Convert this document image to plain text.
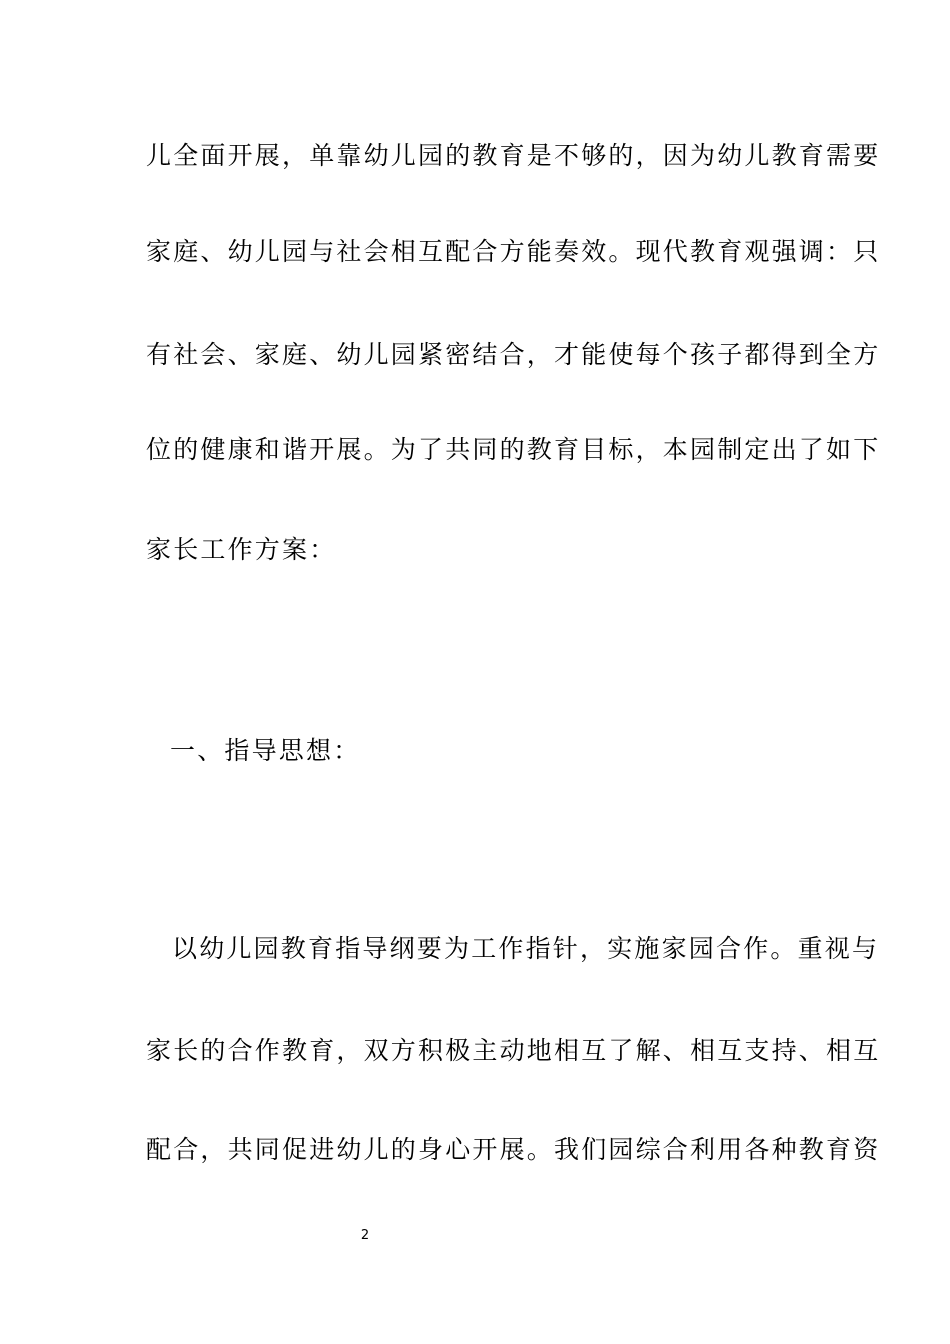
儿全面开展，单靠幼儿园的教育是不够的，因为幼儿教育需要
家庭、幼儿园与社会相互配合方能奏效。现代教育观强调：只
有社会、家庭、幼儿园紧密结合，才能使每个孩子都得到全方
位的健康和谐开展。为了共同的教育目标，本园制定出了如下
家长工作方案：
一、指导思想：
以幼儿园教育指导纲要为工作指针，实施家园合作。重视与
家长的合作教育，双方积极主动地相互了解、相互支持、相互
配合，共同促进幼儿的身心开展。我们园综合利用各种教育资
2
